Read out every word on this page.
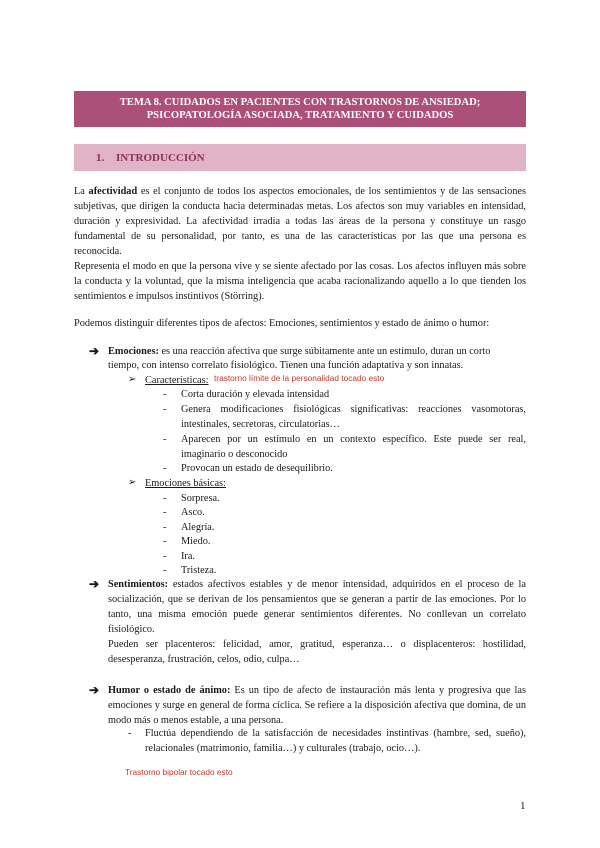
TEMA 8. CUIDADOS EN PACIENTES CON TRASTORNOS DE ANSIEDAD;
PSICOPATOLOGÍA ASOCIADA, TRATAMIENTO Y CUIDADOS
1.	INTRODUCCIÓN

La afectividad es el conjunto de todos los aspectos emocionales, de los sentimientos y de las sensaciones subjetivas, que dirigen la conducta hacia determinadas metas. Los afectos son muy variables en intensidad, duración y expresividad. La afectividad irradia a todas las áreas de la persona y constituye un rasgo fundamental de su personalidad, por tanto, es una de las características por las que una persona es reconocida.

Representa el modo en que la persona vive y se siente afectado por las cosas. Los afectos influyen más sobre la conducta y la voluntad, que la misma inteligencia que acaba racionalizando aquello a lo que tienden los sentimientos e impulsos instintivos (Störring).

Podemos distinguir diferentes tipos de afectos: Emociones, sentimientos y estado de ánimo o humor:

➔ Emociones: es una reacción afectiva que surge súbitamente ante un estímulo, duran un corto
tiempo, con intenso correlato fisiológico. Tienen una función adaptativa y son innatas.
➢ Características: trastorno límite de la personalidad tocado esto
- Corta duración y elevada intensidad
- Genera modificaciones fisiológicas significativas: reacciones vasomotoras, intestinales, secretoras, circulatorias…
- Aparecen por un estímulo en un contexto específico. Este puede ser real, imaginario o desconocido
- Provocan un estado de desequilibrio.
➢ Emociones básicas:
- Sorpresa.
- Asco.
- Alegría.
- Miedo.
- Ira.
- Tristeza.
➔ Sentimientos: estados afectivos estables y de menor intensidad, adquiridos en el proceso de la socialización, que se derivan de los pensamientos que se generan a partir de las emociones. Por lo tanto, una misma emoción puede generar sentimientos diferentes. No conllevan un correlato fisiológico.
Pueden ser placenteros: felicidad, amor, gratitud, esperanza… o displacenteros: hostilidad, desesperanza, frustración, celos, odio, culpa…
➔ Humor o estado de ánimo: Es un tipo de afecto de instauración más lenta y progresiva que las emociones y surge en general de forma cíclica. Se refiere a la disposición afectiva que domina, de un modo más o menos estable, a una persona.
- Fluctúa dependiendo de la satisfacción de necesidades instintivas (hambre, sed, sueño), relacionales (matrimonio, familia…) y culturales (trabajo, ocio…).
Trastorno bipolar tocado esto
1
